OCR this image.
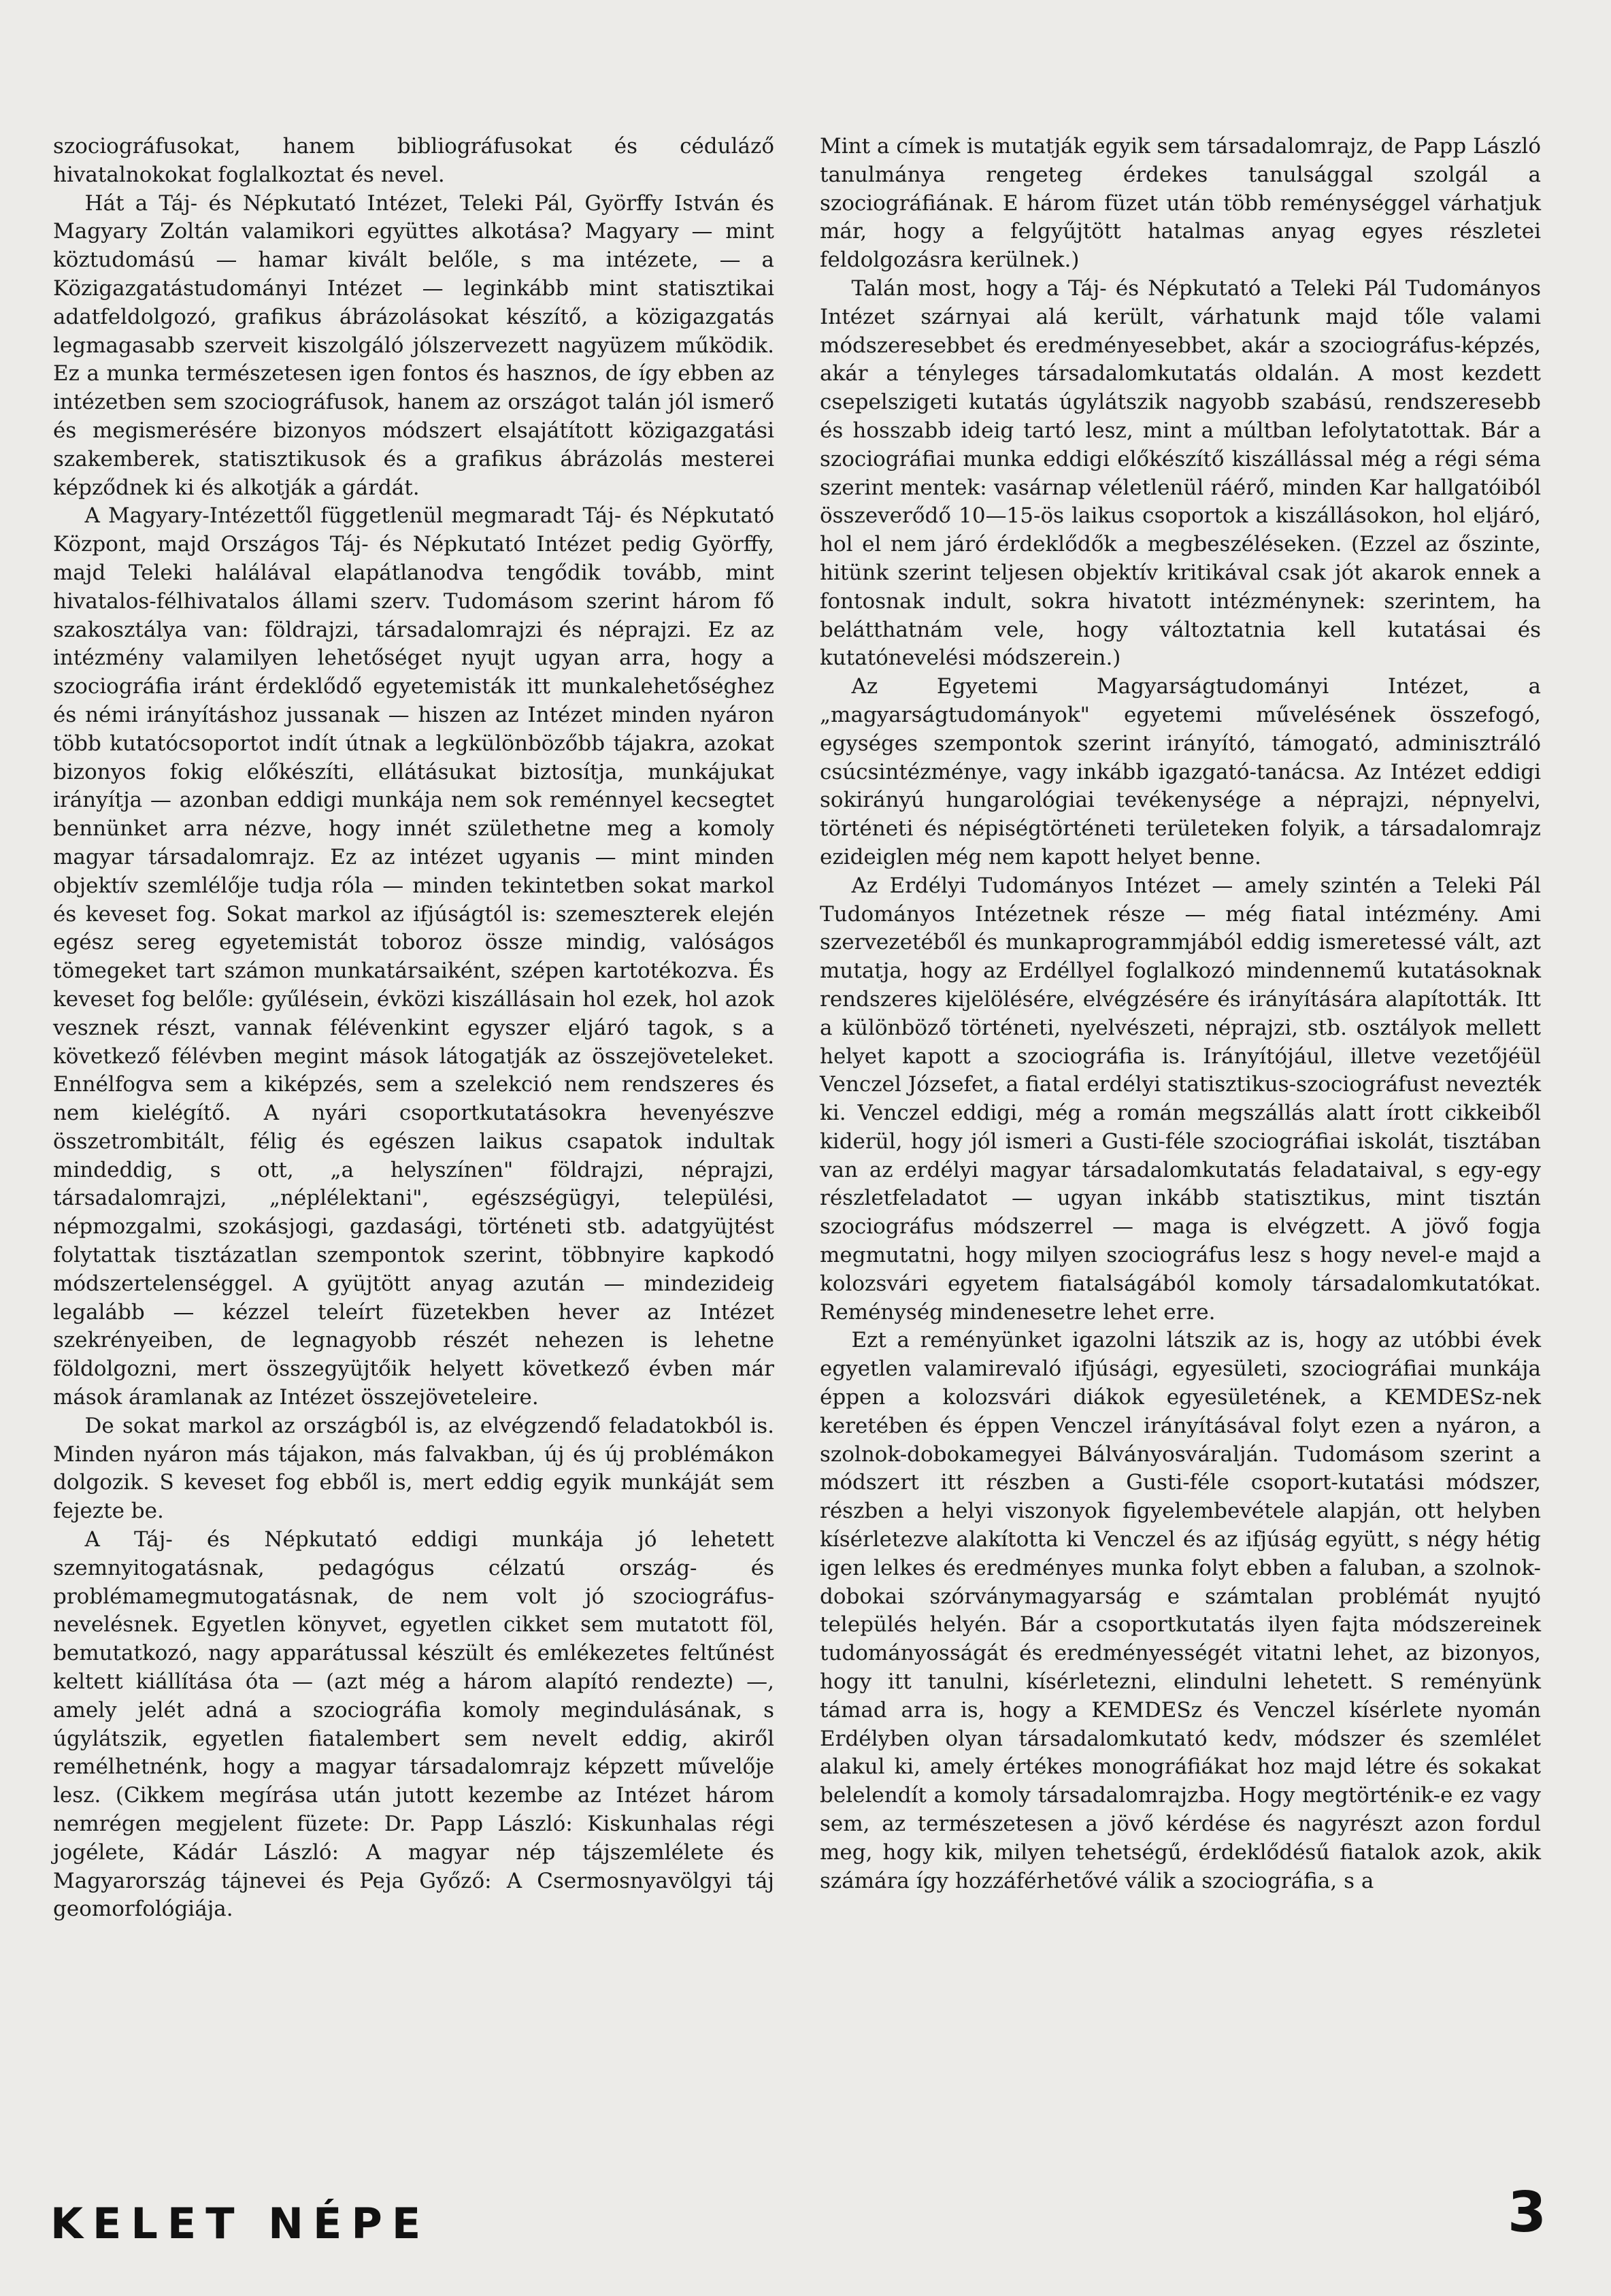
szociográfusokat, hanem bibliográfusokat és céduláző hivatalnokokat foglalkoztat és nevel.

Hát a Táj- és Népkutató Intézet, Teleki Pál, Györffy István és Magyary Zoltán valamikori együttes alkotása? Magyary — mint köztudomású — hamar kivált belőle, s ma intézete, — a Közigazgatástudományi Intézet — leginkább mint statisztikai adatfeldolgozó, grafikus ábrázolásokat készítő, a közigazgatás legmagasabb szerveit kiszolgáló jólszervezett nagyüzem működik. Ez a munka természetesen igen fontos és hasznos, de így ebben az intézetben sem szociográfusok, hanem az országot talán jól ismerő és megismerésére bizonyos módszert elsajátított közigazgatási szakemberek, statisztikusok és a grafikus ábrázolás mesterei képződnek ki és alkotják a gárdát.

A Magyary-Intézettől függetlenül megmaradt Táj- és Népkutató Központ, majd Országos Táj- és Népkutató Intézet pedig Györffy, majd Teleki halálával elapátlanodva tengődik tovább, mint hivatalos-félhivatalos állami szerv. Tudomásom szerint három fő szakosztálya van: földrajzi, társadalomrajzi és néprajzi. Ez az intézmény valamilyen lehetőséget nyujt ugyan arra, hogy a szociográfia iránt érdeklődő egyetemisták itt munkalehetőséghez és némi irányításhoz jussanak — hiszen az Intézet minden nyáron több kutatócsoportot indít útnak a legkülönbözőbb tájakra, azokat bizonyos fokig előkészíti, ellátásukat biztosítja, munkájukat irányítja — azonban eddigi munkája nem sok reménnyel kecsegtet bennünket arra nézve, hogy innét születhetne meg a komoly magyar társadalomrajz. Ez az intézet ugyanis — mint minden objektív szemlélője tudja róla — minden tekintetben sokat markol és keveset fog. Sokat markol az ifjúságtól is: szemeszterek elején egész sereg egyetemistát toboroz össze mindig, valóságos tömegeket tart számon munkatársaiként, szépen kartotékozva. És keveset fog belőle: gyűlésein, évközi kiszállásain hol ezek, hol azok vesznek részt, vannak félévenkint egyszer eljáró tagok, s a következő félévben megint mások látogatják az összejöveteleket. Ennélfogva sem a kiképzés, sem a szelekció nem rendszeres és nem kielégítő. A nyári csoportkutatásokra hevenyészve összetrombitált, félig és egészen laikus csapatok indultak mindeddig, s ott, „a helyszínen" földrajzi, néprajzi, társadalomrajzi, „néplélektani", egészségügyi, települési, népmozgalmi, szokásjogi, gazdasági, történeti stb. adatgyüjtést folytattak tisztázatlan szempontok szerint, többnyire kapkodó módszertelenséggel. A gyüjtött anyag azután — mindezideig legalább — kézzel teleírt füzetekben hever az Intézet szekrényeiben, de legnagyobb részét nehezen is lehetne földolgozni, mert összegyüjtőik helyett következő évben már mások áramlanak az Intézet összejöveteleire.

De sokat markol az országból is, az elvégzendő feladatokból is. Minden nyáron más tájakon, más falvakban, új és új problémákon dolgozik. S keveset fog ebből is, mert eddig egyik munkáját sem fejezte be.

A Táj- és Népkutató eddigi munkája jó lehetett szemnyitogatásnak, pedagógus célzatú ország- és problémamegmutogatásnak, de nem volt jó szociográfus-nevelésnek. Egyetlen könyvet, egyetlen cikket sem mutatott föl, bemutatkozó, nagy apparátussal készült és emlékezetes feltűnést keltett kiállítása óta — (azt még a három alapító rendezte) —, amely jelét adná a szociográfia komoly megindulásának, s úgylátszik, egyetlen fiatalembert sem nevelt eddig, akiről remélhetnénk, hogy a magyar társadalomrajz képzett művelője lesz. (Cikkem megírása után jutott kezembe az Intézet három nemrégen megjelent füzete: Dr. Papp László: Kiskunhalas régi jogélete, Kádár László: A magyar nép tájszemlélete és Magyarország tájnevei és Peja Győző: A Csermosnyavölgyi táj geomorfológiája.

Mint a címek is mutatják egyik sem társadalomrajz, de Papp László tanulmánya rengeteg érdekes tanulsággal szolgál a szociográfiának. E három füzet után több reménységgel várhatjuk már, hogy a felgyűjtött hatalmas anyag egyes részletei feldolgozásra kerülnek.)

Talán most, hogy a Táj- és Népkutató a Teleki Pál Tudományos Intézet szárnyai alá került, várhatunk majd tőle valami módszeresebbet és eredményesebbet, akár a szociográfus-képzés, akár a tényleges társadalomkutatás oldalán. A most kezdett csepelszigeti kutatás úgylátszik nagyobb szabású, rendszeresebb és hosszabb ideig tartó lesz, mint a múltban lefolytatottak. Bár a szociográfiai munka eddigi előkészítő kiszállással még a régi séma szerint mentek: vasárnap véletlenül ráérő, minden Kar hallgatóiból összeverődő 10—15-ös laikus csoportok a kiszállásokon, hol eljáró, hol el nem járó érdeklődők a megbeszéléseken. (Ezzel az őszinte, hitünk szerint teljesen objektív kritikával csak jót akarok ennek a fontosnak indult, sokra hivatott intézménynek: szerintem, ha belátthatnám vele, hogy változtatnia kell kutatásai és kutatónevelési módszerein.)

Az Egyetemi Magyarságtudományi Intézet, a „magyarságtudományok" egyetemi művelésének összefogó, egységes szempontok szerint irányító, támogató, adminisztráló csúcsintézménye, vagy inkább igazgató-tanácsa. Az Intézet eddigi sokirányú hungarológiai tevékenysége a néprajzi, népnyelvi, történeti és népiségtörténeti területeken folyik, a társadalomrajz ezideiglen még nem kapott helyet benne.

Az Erdélyi Tudományos Intézet — amely szintén a Teleki Pál Tudományos Intézetnek része — még fiatal intézmény. Ami szervezetéből és munkaprogrammjából eddig ismeretessé vált, azt mutatja, hogy az Erdéllyel foglalkozó mindennemű kutatásoknak rendszeres kijelölésére, elvégzésére és irányítására alapították. Itt a különböző történeti, nyelvészeti, néprajzi, stb. osztályok mellett helyet kapott a szociográfia is. Irányítójául, illetve vezetőjéül Venczel Józsefet, a fiatal erdélyi statisztikus-szociográfust nevezték ki. Venczel eddigi, még a román megszállás alatt írott cikkeiből kiderül, hogy jól ismeri a Gusti-féle szociográfiai iskolát, tisztában van az erdélyi magyar társadalomkutatás feladataival, s egy-egy részletfeladatot — ugyan inkább statisztikus, mint tisztán szociográfus módszerrel — maga is elvégzett. A jövő fogja megmutatni, hogy milyen szociográfus lesz s hogy nevel-e majd a kolozsvári egyetem fiatalságából komoly társadalomkutatókat. Reménység mindenesetre lehet erre.

Ezt a reményünket igazolni látszik az is, hogy az utóbbi évek egyetlen valamirevaló ifjúsági, egyesületi, szociográfiai munkája éppen a kolozsvári diákok egyesületének, a KEMDESz-nek keretében és éppen Venczel irányításával folyt ezen a nyáron, a szolnok-dobokamegyei Bálványosváralján. Tudomásom szerint a módszert itt részben a Gusti-féle csoport-kutatási módszer, részben a helyi viszonyok figyelembevétele alapján, ott helyben kísérletezve alakította ki Venczel és az ifjúság együtt, s négy hétig igen lelkes és eredményes munka folyt ebben a faluban, a szolnok-dobokai szórványmagyarság e számtalan problémát nyujtó település helyén. Bár a csoportkutatás ilyen fajta módszereinek tudományosságát és eredményességét vitatni lehet, az bizonyos, hogy itt tanulni, kísérletezni, elindulni lehetett. S reményünk támad arra is, hogy a KEMDESz és Venczel kísérlete nyomán Erdélyben olyan társadalomkutató kedv, módszer és szemlélet alakul ki, amely értékes monográfiákat hoz majd létre és sokakat belelendít a komoly társadalomrajzba. Hogy megtörténik-e ez vagy sem, az természetesen a jövő kérdése és nagyrészt azon fordul meg, hogy kik, milyen tehetségű, érdeklődésű fiatalok azok, akik számára így hozzáférhetővé válik a szociográfia, s a

KELET NÉPE	3
